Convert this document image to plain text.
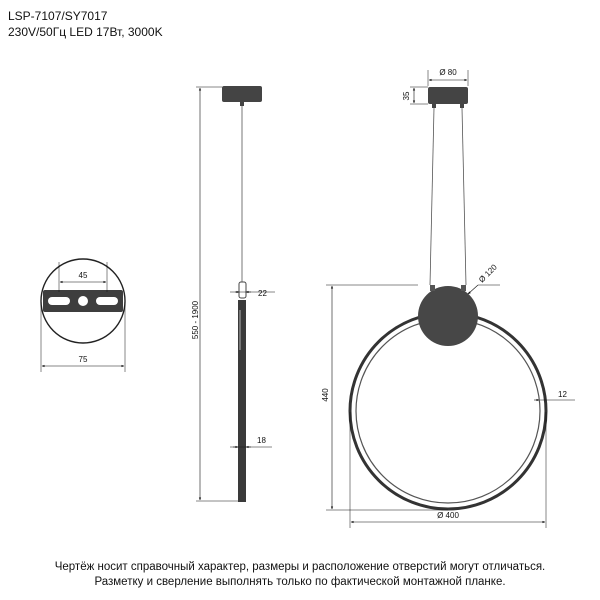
LSP-7107/SY7017
230V/50Гц LED 17Вт, 3000K
550 - 1900
22
18
45
75
Ø 80
35
Ø 120
440	12
Ø 400
Чертёж носит справочный характер, размеры и расположение отверстий могут отличаться.
Разметку и сверление выполнять только по фактической монтажной планке.
